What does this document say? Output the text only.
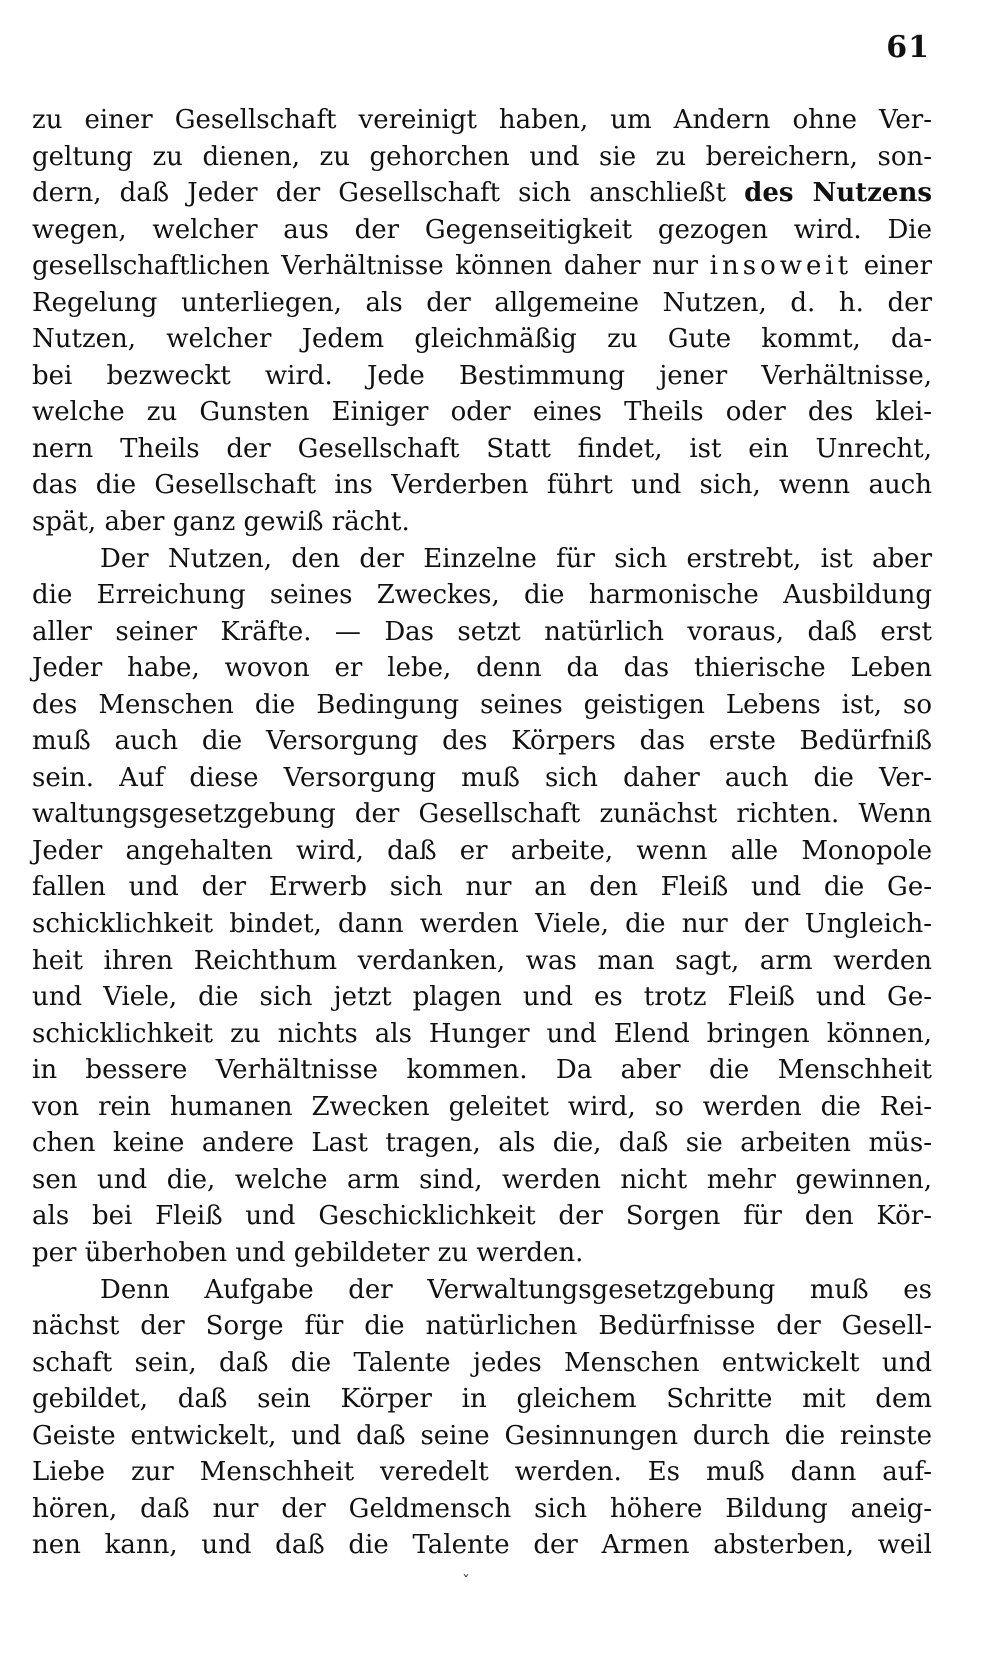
61
zu einer Gesellschaft vereinigt haben, um Andern ohne Ver-
geltung zu dienen, zu gehorchen und sie zu bereichern, son-
dern, daß Jeder der Gesellschaft sich anschließt des Nutzens
wegen, welcher aus der Gegenseitigkeit gezogen wird. Die
gesellschaftlichen Verhältnisse können daher nur insoweit einer
Regelung unterliegen, als der allgemeine Nutzen, d. h. der
Nutzen, welcher Jedem gleichmäßig zu Gute kommt, da-
bei bezweckt wird. Jede Bestimmung jener Verhältnisse,
welche zu Gunsten Einiger oder eines Theils oder des klei-
nern Theils der Gesellschaft Statt findet, ist ein Unrecht,
das die Gesellschaft ins Verderben führt und sich, wenn auch
spät, aber ganz gewiß rächt.
Der Nutzen, den der Einzelne für sich erstrebt, ist aber
die Erreichung seines Zweckes, die harmonische Ausbildung
aller seiner Kräfte. — Das setzt natürlich voraus, daß erst
Jeder habe, wovon er lebe, denn da das thierische Leben
des Menschen die Bedingung seines geistigen Lebens ist, so
muß auch die Versorgung des Körpers das erste Bedürfniß
sein. Auf diese Versorgung muß sich daher auch die Ver-
waltungsgesetzgebung der Gesellschaft zunächst richten. Wenn
Jeder angehalten wird, daß er arbeite, wenn alle Monopole
fallen und der Erwerb sich nur an den Fleiß und die Ge-
schicklichkeit bindet, dann werden Viele, die nur der Ungleich-
heit ihren Reichthum verdanken, was man sagt, arm werden
und Viele, die sich jetzt plagen und es trotz Fleiß und Ge-
schicklichkeit zu nichts als Hunger und Elend bringen können,
in bessere Verhältnisse kommen. Da aber die Menschheit
von rein humanen Zwecken geleitet wird, so werden die Rei-
chen keine andere Last tragen, als die, daß sie arbeiten müs-
sen und die, welche arm sind, werden nicht mehr gewinnen,
als bei Fleiß und Geschicklichkeit der Sorgen für den Kör-
per überhoben und gebildeter zu werden.
Denn Aufgabe der Verwaltungsgesetzgebung muß es
nächst der Sorge für die natürlichen Bedürfnisse der Gesell-
schaft sein, daß die Talente jedes Menschen entwickelt und
gebildet, daß sein Körper in gleichem Schritte mit dem
Geiste entwickelt, und daß seine Gesinnungen durch die reinste
Liebe zur Menschheit veredelt werden. Es muß dann auf-
hören, daß nur der Geldmensch sich höhere Bildung aneig-
nen kann, und daß die Talente der Armen absterben, weil
ˇ
